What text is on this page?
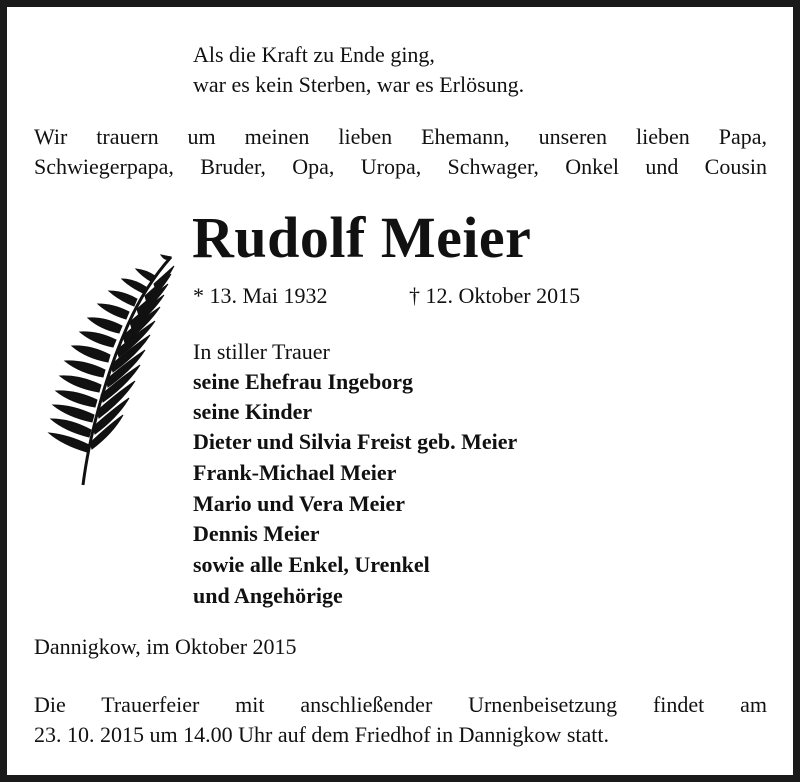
Als die Kraft zu Ende ging,
war es kein Sterben, war es Erlösung.
Wir trauern um meinen lieben Ehemann, unseren lieben Papa,
Schwiegerpapa, Bruder, Opa, Uropa, Schwager, Onkel und Cousin
Rudolf Meier
* 13. Mai 1932	† 12. Oktober 2015
In stiller Trauer
seine Ehefrau Ingeborg
seine Kinder
Dieter und Silvia Freist geb. Meier
Frank-Michael Meier
Mario und Vera Meier
Dennis Meier
sowie alle Enkel, Urenkel
und Angehörige
Dannigkow, im Oktober 2015
Die Trauerfeier mit anschließender Urnenbeisetzung findet am
23. 10. 2015 um 14.00 Uhr auf dem Friedhof in Dannigkow statt.
